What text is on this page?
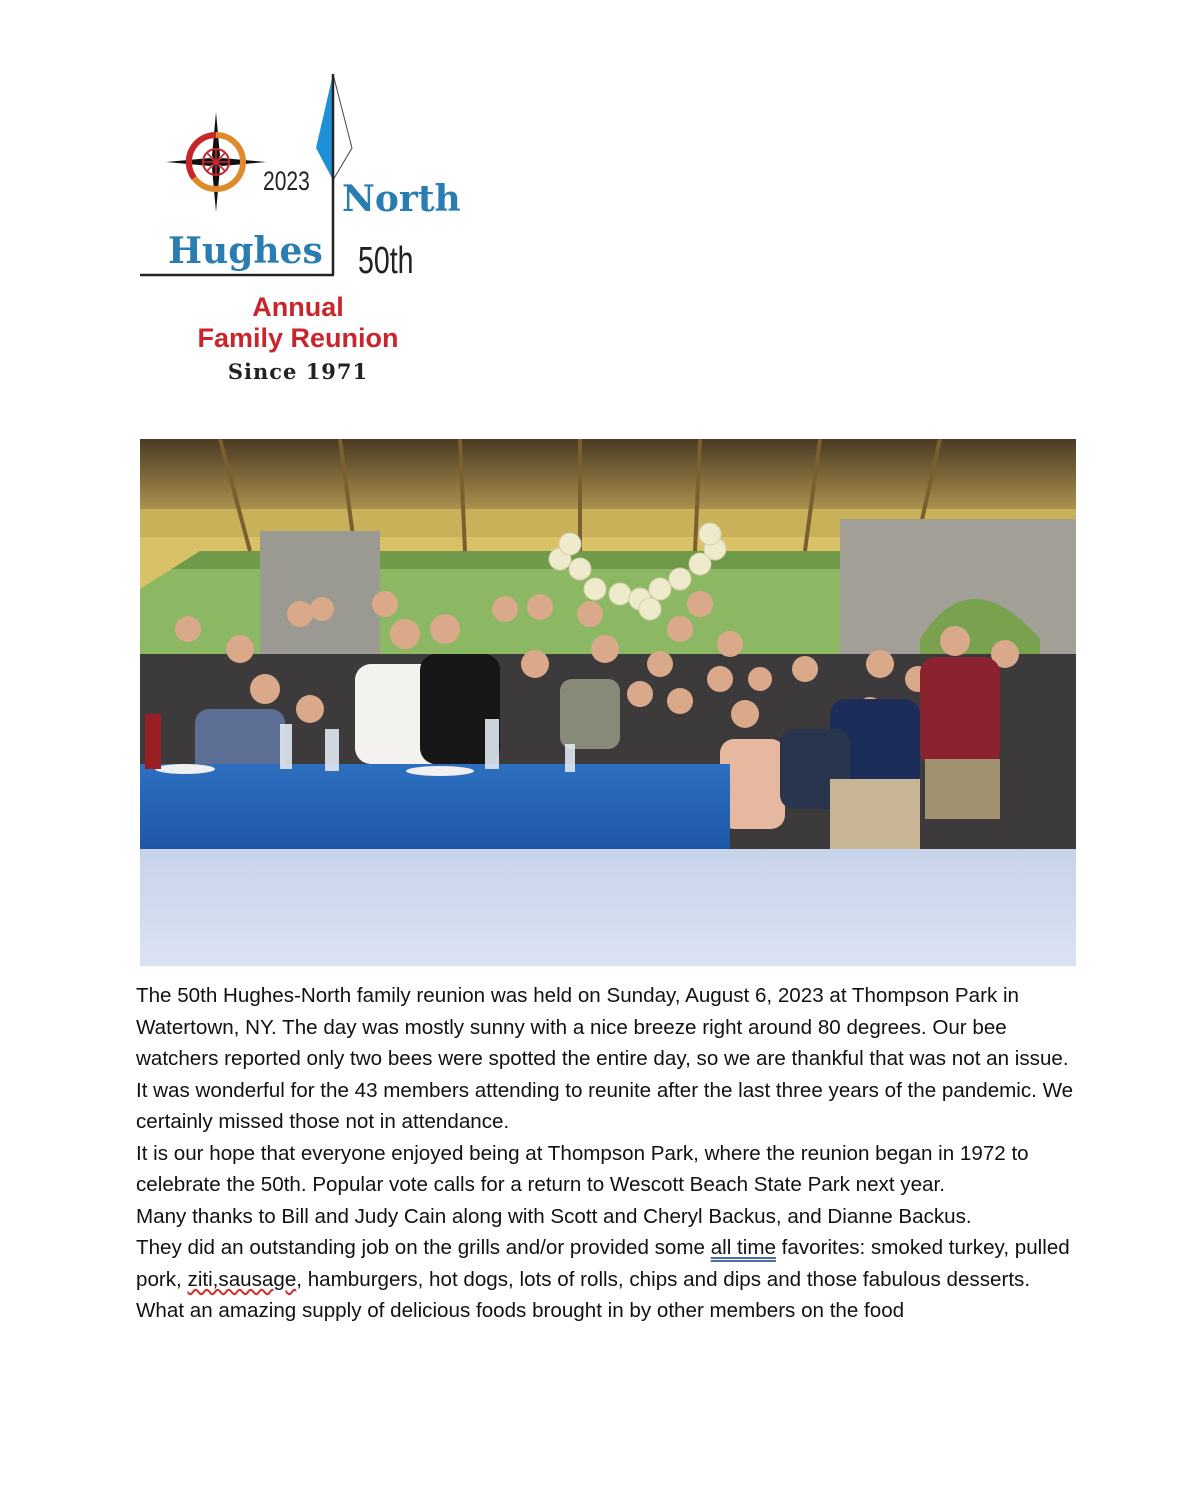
2023 North
Hughes 50th
Annual
Family Reunion
Since 1971

The 50th Hughes-North family reunion was held on Sunday, August 6, 2023 at Thompson Park in Watertown, NY. The day was mostly sunny with a nice breeze right around 80 degrees. Our bee watchers reported only two bees were spotted the entire day, so we are thankful that was not an issue. It was wonderful for the 43 members attending to reunite after the last three years of the pandemic. We certainly missed those not in attendance.

It is our hope that everyone enjoyed being at Thompson Park, where the reunion began in 1972 to celebrate the 50th. Popular vote calls for a return to Wescott Beach State Park next year.

Many thanks to Bill and Judy Cain along with Scott and Cheryl Backus, and Dianne Backus.

They did an outstanding job on the grills and/or provided some all time favorites: smoked turkey, pulled pork, ziti,sausage, hamburgers, hot dogs, lots of rolls, chips and dips and those fabulous desserts. What an amazing supply of delicious foods brought in by other members on the food
